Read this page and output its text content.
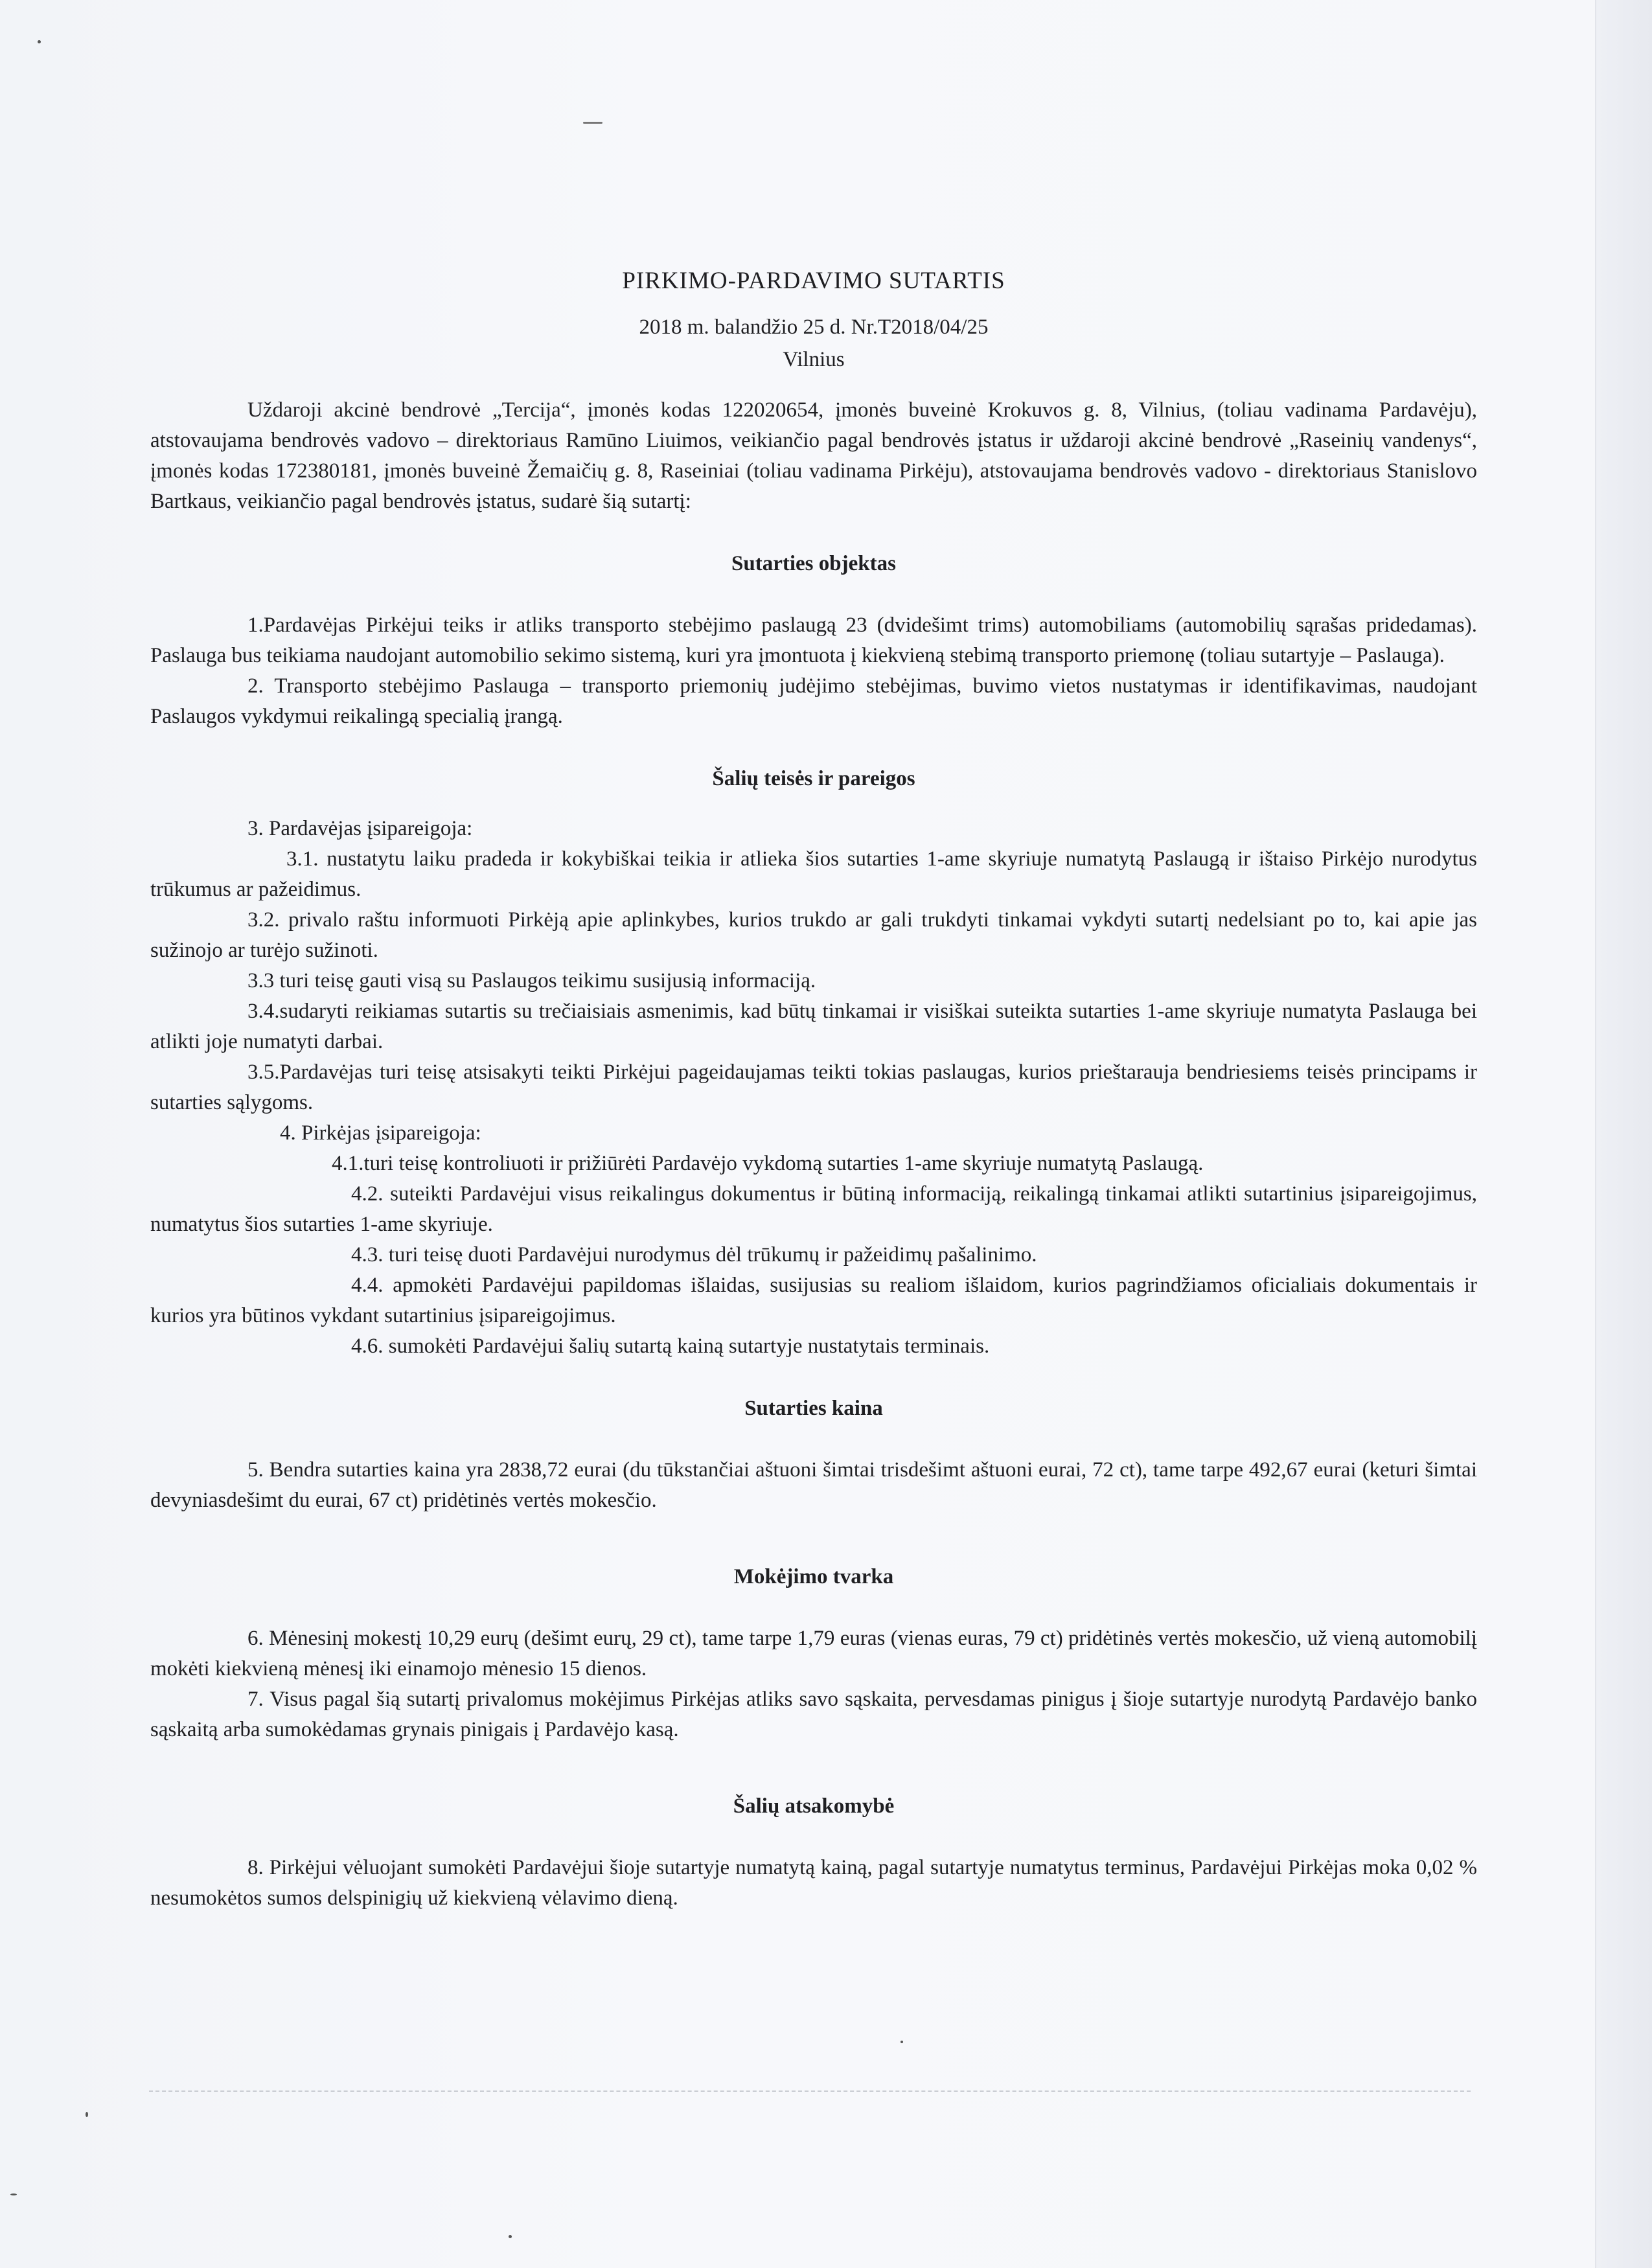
PIRKIMO-PARDAVIMO SUTARTIS

2018 m. balandžio 25 d. Nr.T2018/04/25

Vilnius

Uždaroji akcinė bendrovė „Tercija“, įmonės kodas 122020654, įmonės buveinė Krokuvos g. 8, Vilnius, (toliau vadinama Pardavėju), atstovaujama bendrovės vadovo – direktoriaus Ramūno Liuimos, veikiančio pagal bendrovės įstatus ir uždaroji akcinė bendrovė „Raseinių vandenys“, įmonės kodas 172380181, įmonės buveinė Žemaičių g. 8, Raseiniai (toliau vadinama Pirkėju), atstovaujama bendrovės vadovo - direktoriaus Stanislovo Bartkaus, veikiančio pagal bendrovės įstatus, sudarė šią sutartį:

Sutarties objektas

1.Pardavėjas Pirkėjui teiks ir atliks transporto stebėjimo paslaugą 23 (dvidešimt trims) automobiliams (automobilių sąrašas pridedamas). Paslauga bus teikiama naudojant automobilio sekimo sistemą, kuri yra įmontuota į kiekvieną stebimą transporto priemonę (toliau sutartyje – Paslauga).

2. Transporto stebėjimo Paslauga – transporto priemonių judėjimo stebėjimas, buvimo vietos nustatymas ir identifikavimas, naudojant Paslaugos vykdymui reikalingą specialią įrangą.

Šalių teisės ir pareigos

3. Pardavėjas įsipareigoja:

3.1. nustatytu laiku pradeda ir kokybiškai teikia ir atlieka šios sutarties 1-ame skyriuje numatytą Paslaugą ir ištaiso Pirkėjo nurodytus trūkumus ar pažeidimus.

3.2. privalo raštu informuoti Pirkėją apie aplinkybes, kurios trukdo ar gali trukdyti tinkamai vykdyti sutartį nedelsiant po to, kai apie jas sužinojo ar turėjo sužinoti.

3.3 turi teisę gauti visą su Paslaugos teikimu susijusią informaciją.

3.4.sudaryti reikiamas sutartis su trečiaisiais asmenimis, kad būtų tinkamai ir visiškai suteikta sutarties 1-ame skyriuje numatyta Paslauga bei atlikti joje numatyti darbai.

3.5.Pardavėjas turi teisę atsisakyti teikti Pirkėjui pageidaujamas teikti tokias paslaugas, kurios prieštarauja bendriesiems teisės principams ir sutarties sąlygoms.

4. Pirkėjas įsipareigoja:

4.1.turi teisę kontroliuoti ir prižiūrėti Pardavėjo vykdomą sutarties 1-ame skyriuje numatytą Paslaugą.

4.2. suteikti Pardavėjui visus reikalingus dokumentus ir būtiną informaciją, reikalingą tinkamai atlikti sutartinius įsipareigojimus, numatytus šios sutarties 1-ame skyriuje.

4.3. turi teisę duoti Pardavėjui nurodymus dėl trūkumų ir pažeidimų pašalinimo.

4.4. apmokėti Pardavėjui papildomas išlaidas, susijusias su realiom išlaidom, kurios pagrindžiamos oficialiais dokumentais ir kurios yra būtinos vykdant sutartinius įsipareigojimus.

4.6. sumokėti Pardavėjui šalių sutartą kainą sutartyje nustatytais terminais.

Sutarties kaina

5. Bendra sutarties kaina yra 2838,72 eurai (du tūkstančiai aštuoni šimtai trisdešimt aštuoni eurai, 72 ct), tame tarpe 492,67 eurai (keturi šimtai devyniasdešimt du eurai, 67 ct) pridėtinės vertės mokesčio.

Mokėjimo tvarka

6. Mėnesinį mokestį 10,29 eurų (dešimt eurų, 29 ct), tame tarpe 1,79 euras (vienas euras, 79 ct) pridėtinės vertės mokesčio, už vieną automobilį mokėti kiekvieną mėnesį iki einamojo mėnesio 15 dienos.

7. Visus pagal šią sutartį privalomus mokėjimus Pirkėjas atliks savo sąskaita, pervesdamas pinigus į šioje sutartyje nurodytą Pardavėjo banko sąskaitą arba sumokėdamas grynais pinigais į Pardavėjo kasą.

Šalių atsakomybė

8. Pirkėjui vėluojant sumokėti Pardavėjui šioje sutartyje numatytą kainą, pagal sutartyje numatytus terminus, Pardavėjui Pirkėjas moka 0,02 % nesumokėtos sumos delspinigių už kiekvieną vėlavimo dieną.
